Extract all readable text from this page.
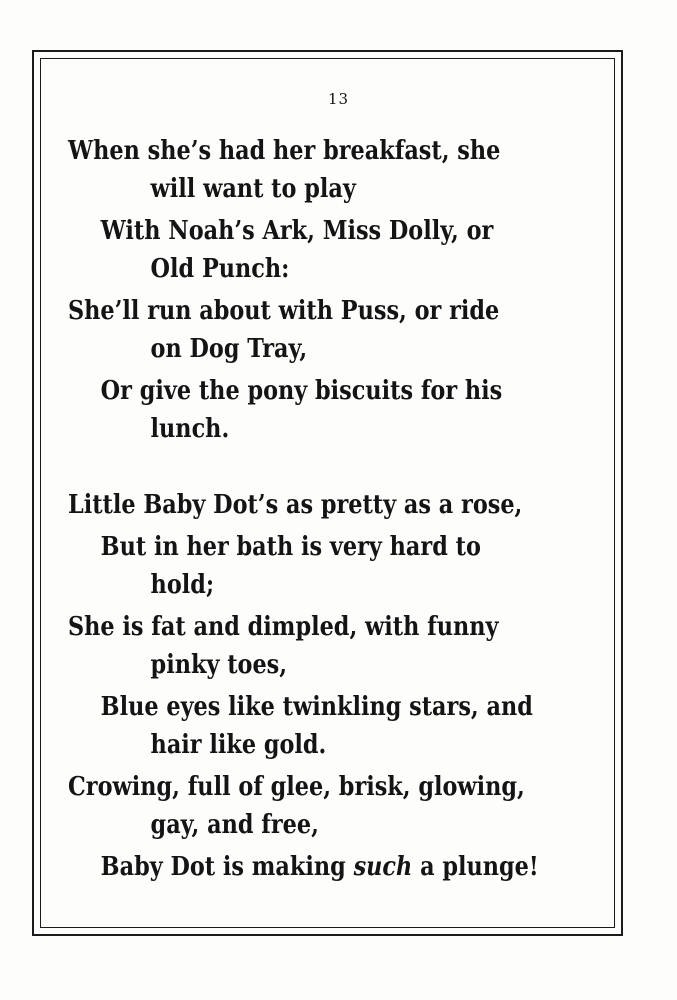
13
When she’s had her breakfast, she
will want to play
With Noah’s Ark, Miss Dolly, or
Old Punch:
She’ll run about with Puss, or ride
on Dog Tray,
Or give the pony biscuits for his
lunch.
Little Baby Dot’s as pretty as a rose,
But in her bath is very hard to
hold;
She is fat and dimpled, with funny
pinky toes,
Blue eyes like twinkling stars, and
hair like gold.
Crowing, full of glee, brisk, glowing,
gay, and free,
Baby Dot is making such a plunge!
